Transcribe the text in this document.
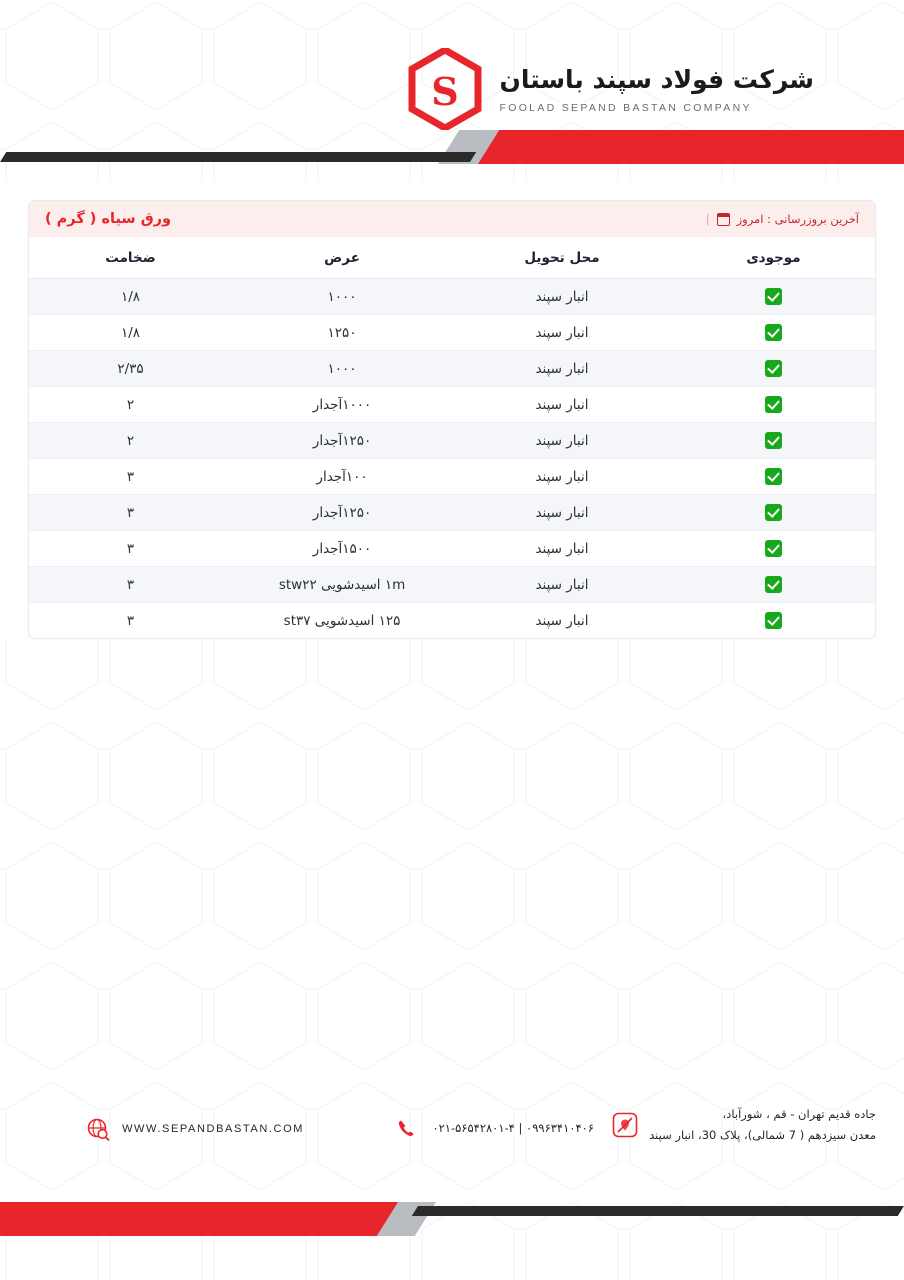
S شرکت فولاد سپند باستان
FOOLAD SEPAND BASTAN COMPANY
ورق سیاه ( گرم )	| آخرین بروزرسانی : امروز
موجودی	محل تحویل	عرض	ضخامت
	انبار سپند	۱۰۰۰	۱/۸
	انبار سپند	۱۲۵۰	۱/۸
	انبار سپند	۱۰۰۰	۲/۳۵
	انبار سپند	۱۰۰۰آجدار	۲
	انبار سپند	۱۲۵۰آجدار	۲
	انبار سپند	۱۰۰آجدار	۳
	انبار سپند	۱۲۵۰آجدار	۳
	انبار سپند	۱۵۰۰آجدار	۳
	انبار سپند	۱m اسیدشویی stw۲۲	۳
	انبار سپند	۱۲۵ اسیدشویی st۳۷	۳
جاده قدیم تهران - قم ، شورآباد،
معدن سیزدهم ( 7 شمالی)، پلاک 30، انبار سپند
۰۹۹۶۳۴۱۰۴۰۶ | ۰۲۱-۵۶۵۴۲۸۰۱-۴
WWW.SEPANDBASTAN.COM
